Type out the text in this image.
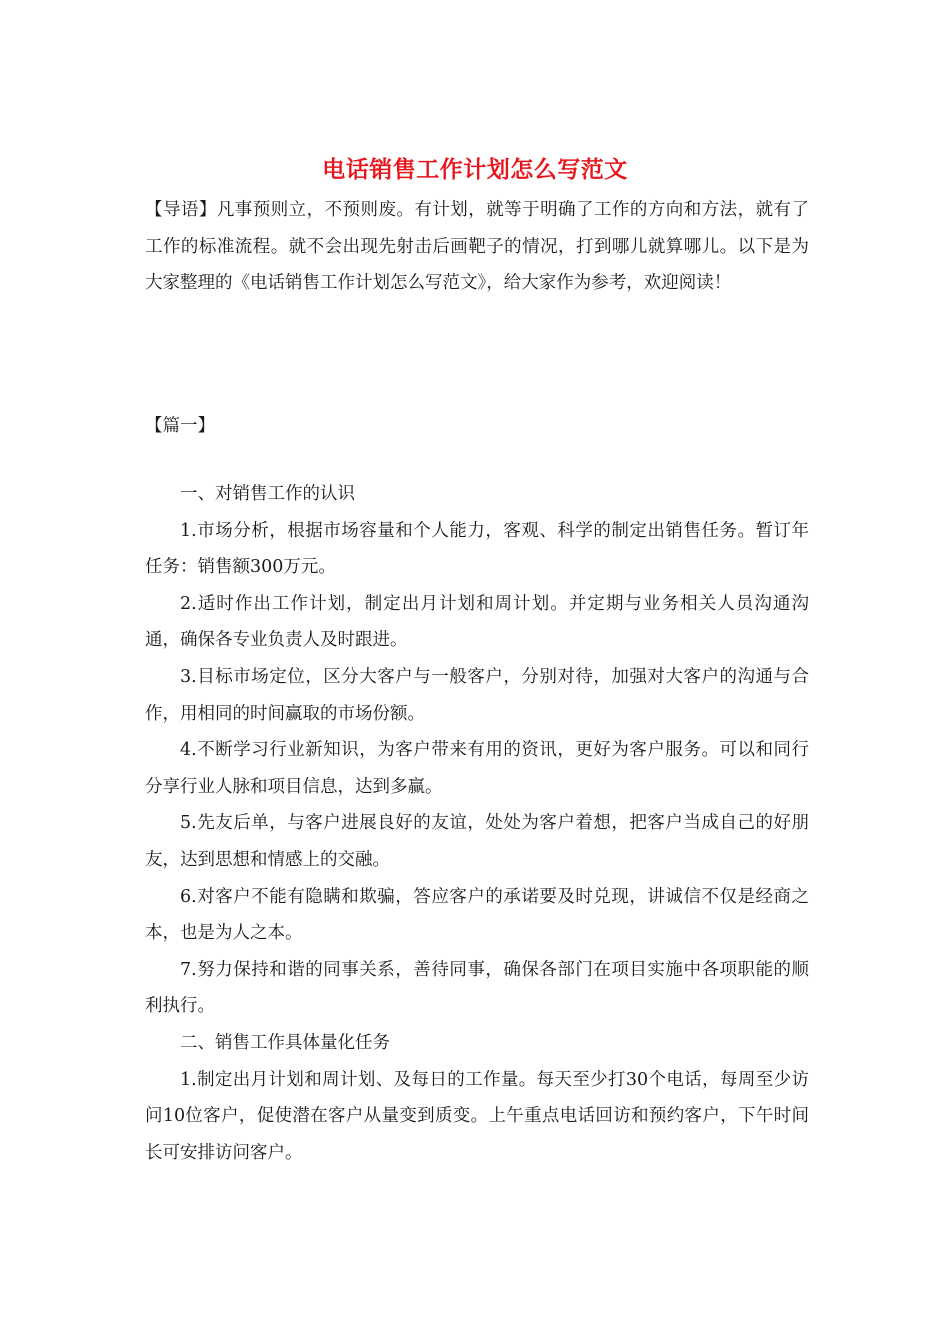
电话销售工作计划怎么写范文

【导语】凡事预则立，不预则废。有计划，就等于明确了工作的方向和方法，就有了工作的标准流程。就不会出现先射击后画靶子的情况，打到哪儿就算哪儿。以下是为大家整理的《电话销售工作计划怎么写范文》，给大家作为参考，欢迎阅读！

【篇一】

一、对销售工作的认识

1.市场分析，根据市场容量和个人能力，客观、科学的制定出销售任务。暂订年任务：销售额300万元。

2.适时作出工作计划，制定出月计划和周计划。并定期与业务相关人员沟通沟通，确保各专业负责人及时跟进。

3.目标市场定位，区分大客户与一般客户，分别对待，加强对大客户的沟通与合作，用相同的时间赢取的市场份额。

4.不断学习行业新知识，为客户带来有用的资讯，更好为客户服务。可以和同行分享行业人脉和项目信息，达到多赢。

5.先友后单，与客户进展良好的友谊，处处为客户着想，把客户当成自己的好朋友，达到思想和情感上的交融。

6.对客户不能有隐瞒和欺骗，答应客户的承诺要及时兑现，讲诚信不仅是经商之本，也是为人之本。

7.努力保持和谐的同事关系，善待同事，确保各部门在项目实施中各项职能的顺利执行。

二、销售工作具体量化任务

1.制定出月计划和周计划、及每日的工作量。每天至少打30个电话，每周至少访问10位客户，促使潜在客户从量变到质变。上午重点电话回访和预约客户，下午时间长可安排访问客户。
